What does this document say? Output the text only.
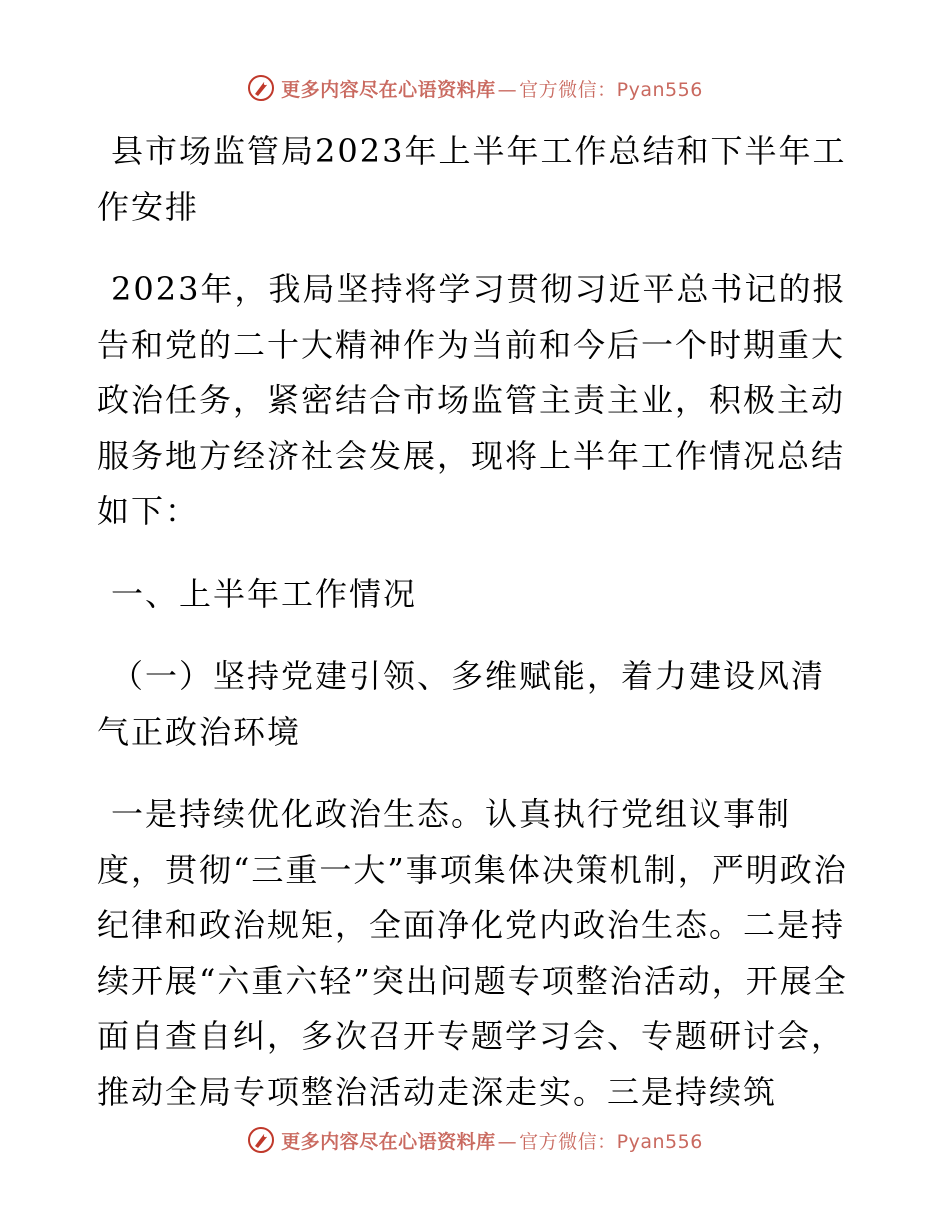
更多内容尽在心语资料库 — 官方微信：Pyan556

县市场监管局2023年上半年工作总结和下半年工作安排

2023年，我局坚持将学习贯彻习近平总书记的报告和党的二十大精神作为当前和今后一个时期重大政治任务，紧密结合市场监管主责主业，积极主动服务地方经济社会发展，现将上半年工作情况总结如下：

一、上半年工作情况

（一）坚持党建引领、多维赋能，着力建设风清气正政治环境

一是持续优化政治生态。认真执行党组议事制
度，贯彻“三重一大”事项集体决策机制，严明政治纪律和政治规矩，全面净化党内政治生态。二是持续开展“六重六轻”突出问题专项整治活动，开展全面自查自纠，多次召开专题学习会、专题研讨会，推动全局专项整治活动走深走实。三是持续筑

更多内容尽在心语资料库 — 官方微信：Pyan556
